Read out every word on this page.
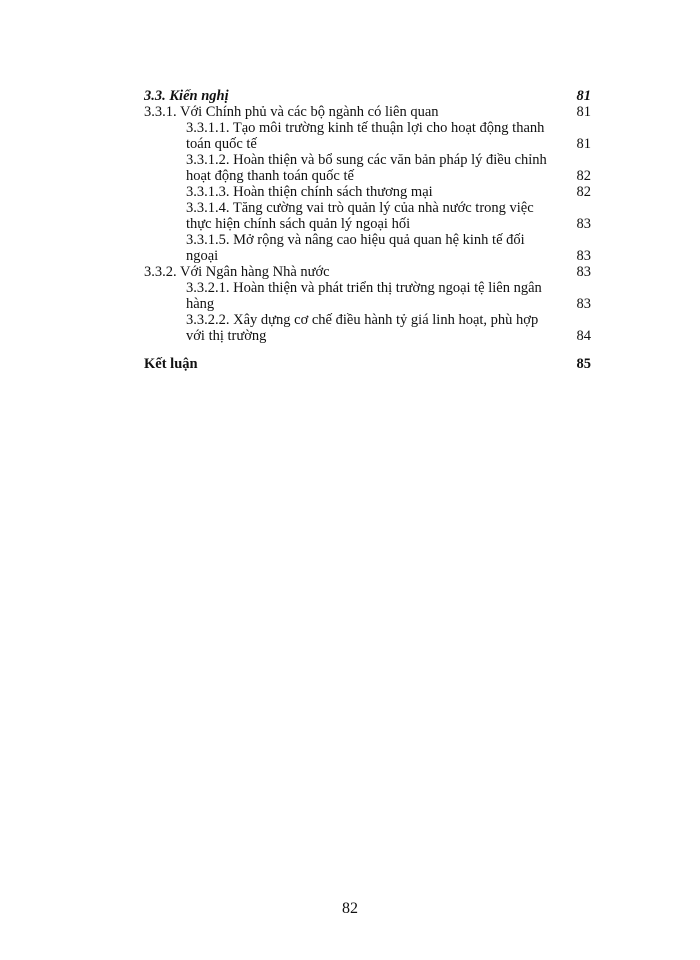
3.3. Kiến nghị	81
3.3.1. Với Chính phủ và các bộ ngành có liên quan	81
3.3.1.1. Tạo môi trường kinh tế thuận lợi cho hoạt động thanh toán quốc tế	81
3.3.1.2. Hoàn thiện và bổ sung các văn bản pháp lý điều chỉnh hoạt động thanh toán quốc tế	82
3.3.1.3. Hoàn thiện chính sách thương mại	82
3.3.1.4. Tăng cường vai trò quản lý của nhà nước trong việc thực hiện chính sách quản lý ngoại hối	83
3.3.1.5. Mở rộng và nâng cao hiệu quả quan hệ kinh tế đối ngoại	83
3.3.2. Với Ngân hàng Nhà nước	83
3.3.2.1. Hoàn thiện và phát triển thị trường ngoại tệ liên ngân hàng	83
3.3.2.2. Xây dựng cơ chế điều hành tỷ giá linh hoạt, phù hợp với thị trường	84
Kết luận	85
82
